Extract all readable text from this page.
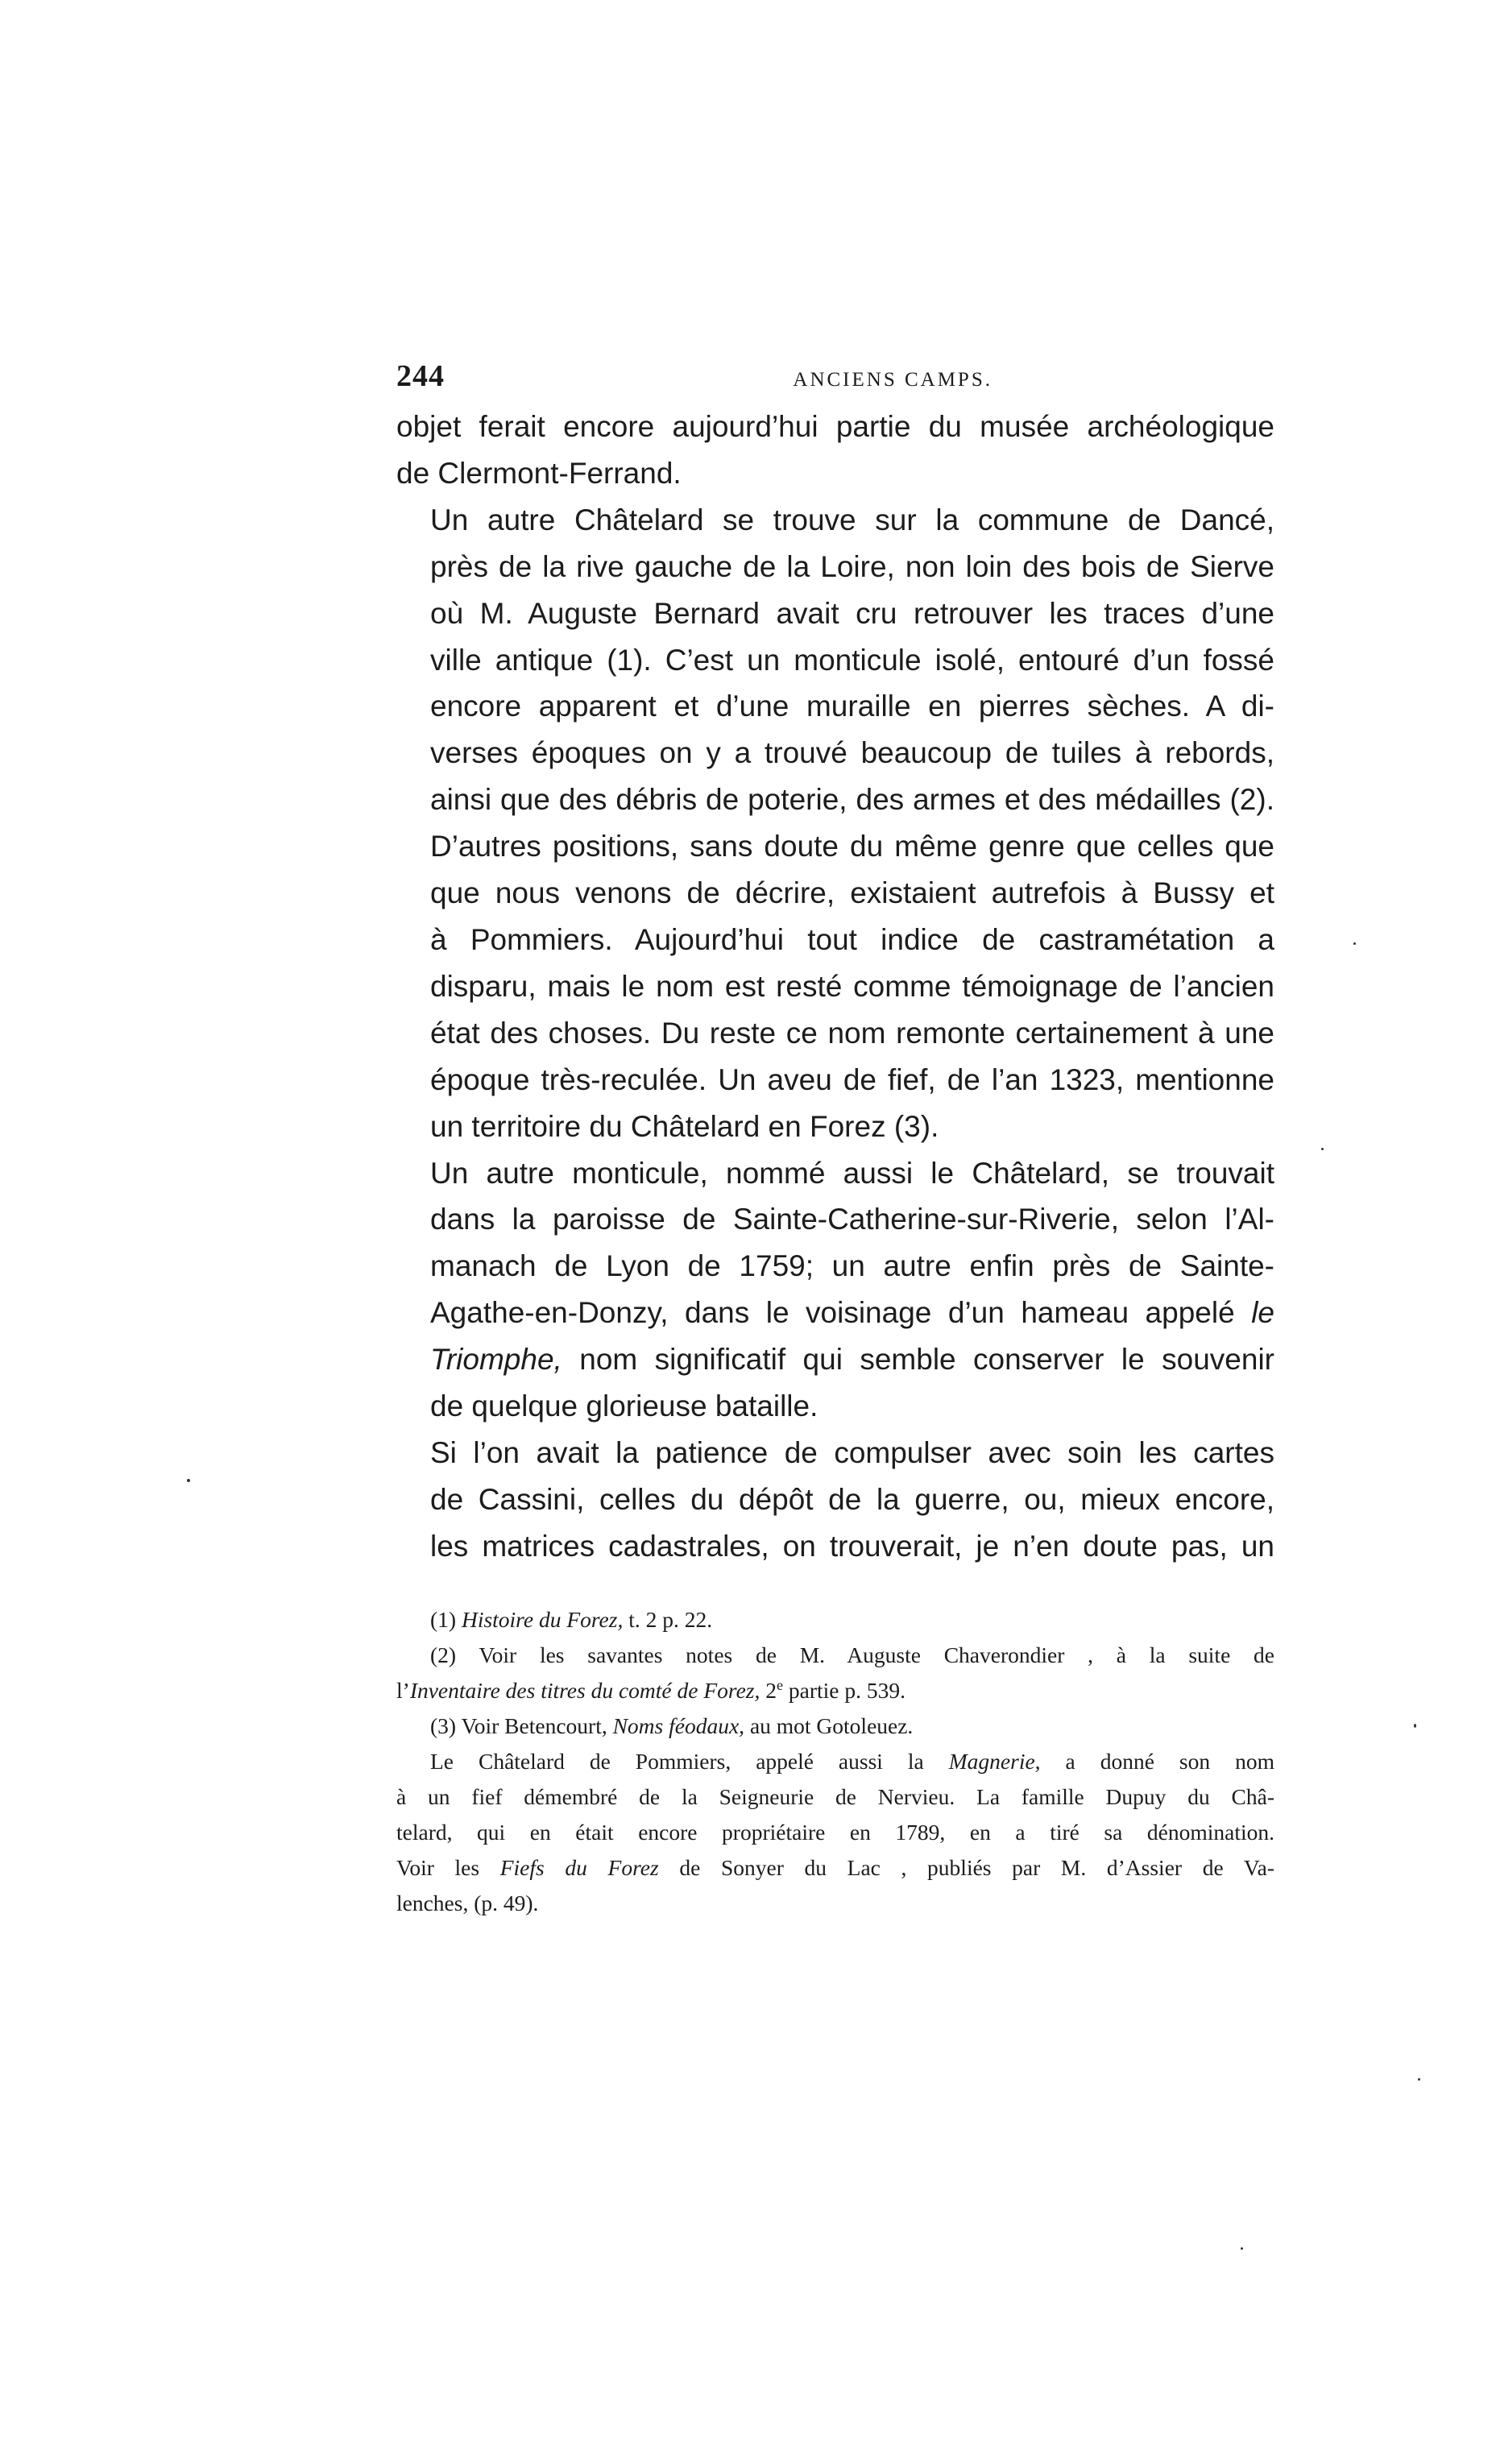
244	ANCIENS CAMPS.

objet ferait encore aujourd’hui partie du musée archéologique
de Clermont-Ferrand.

Un autre Châtelard se trouve sur la commune de Dancé,
près de la rive gauche de la Loire, non loin des bois de Sierve
où M. Auguste Bernard avait cru retrouver les traces d’une
ville antique (1). C’est un monticule isolé, entouré d’un fossé
encore apparent et d’une muraille en pierres sèches. A di-
verses époques on y a trouvé beaucoup de tuiles à rebords,
ainsi que des débris de poterie, des armes et des médailles (2).
D’autres positions, sans doute du même genre que celles que
que nous venons de décrire, existaient autrefois à Bussy et
à Pommiers. Aujourd’hui tout indice de castramétation a
disparu, mais le nom est resté comme témoignage de l’ancien
état des choses. Du reste ce nom remonte certainement à une
époque très-reculée. Un aveu de fief, de l’an 1323, mentionne
un territoire du Châtelard en Forez (3).

Un autre monticule, nommé aussi le Châtelard, se trouvait
dans la paroisse de Sainte-Catherine-sur-Riverie, selon l’Al-
manach de Lyon de 1759; un autre enfin près de Sainte-
Agathe-en-Donzy, dans le voisinage d’un hameau appelé le
Triomphe, nom significatif qui semble conserver le souvenir
de quelque glorieuse bataille.

Si l’on avait la patience de compulser avec soin les cartes
de Cassini, celles du dépôt de la guerre, ou, mieux encore,
les matrices cadastrales, on trouverait, je n’en doute pas, un

(1) Histoire du Forez, t. 2 p. 22.

(2) Voir les savantes notes de M. Auguste Chaverondier , à la suite de
l’Inventaire des titres du comté de Forez, 2e partie p. 539.

(3) Voir Betencourt, Noms féodaux, au mot Gotoleuez.

Le Châtelard de Pommiers, appelé aussi la Magnerie, a donné son nom
à un fief démembré de la Seigneurie de Nervieu. La famille Dupuy du Châ-
telard, qui en était encore propriétaire en 1789, en a tiré sa dénomination.
Voir les Fiefs du Forez de Sonyer du Lac , publiés par M. d’Assier de Va-
lenches, (p. 49).
